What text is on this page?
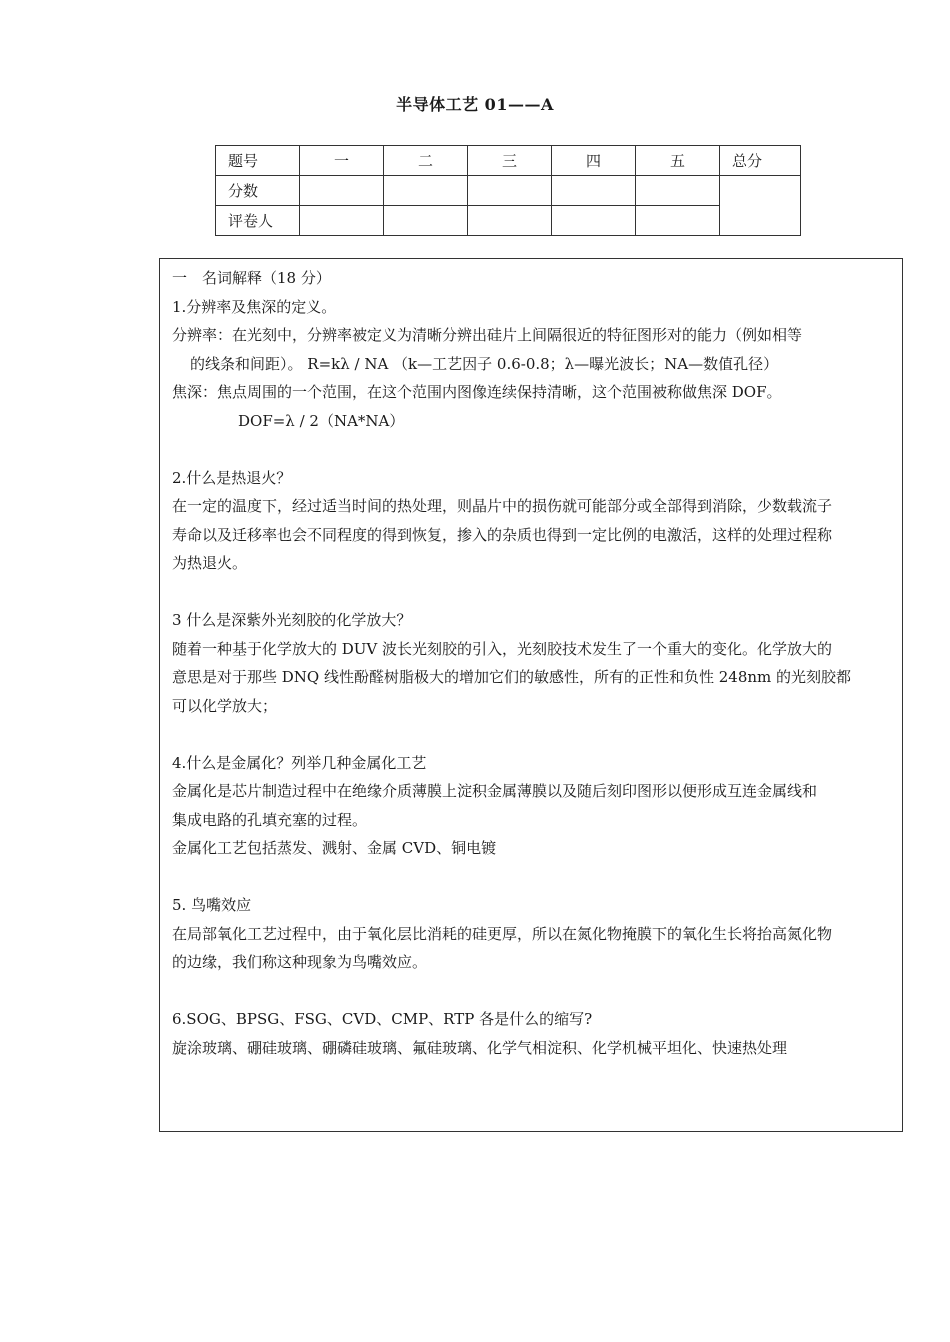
半导体工艺 01——A
题号	一	二	三	四	五	总分
分数						
评卷人						

一　名词解释（18 分）

1.分辨率及焦深的定义。

分辨率：在光刻中，分辨率被定义为清晰分辨出硅片上间隔很近的特征图形对的能力（例如相等

的线条和间距）。 R=kλ / NA （k—工艺因子 0.6-0.8；λ—曝光波长；NA—数值孔径）

焦深：焦点周围的一个范围，在这个范围内图像连续保持清晰，这个范围被称做焦深 DOF。

DOF=λ / 2（NA*NA）

2.什么是热退火？

在一定的温度下，经过适当时间的热处理，则晶片中的损伤就可能部分或全部得到消除，少数载流子

寿命以及迁移率也会不同程度的得到恢复，掺入的杂质也得到一定比例的电激活，这样的处理过程称

为热退火。

3 什么是深紫外光刻胶的化学放大？

随着一种基于化学放大的 DUV 波长光刻胶的引入，光刻胶技术发生了一个重大的变化。化学放大的

意思是对于那些 DNQ 线性酚醛树脂极大的增加它们的敏感性，所有的正性和负性 248nm 的光刻胶都

可以化学放大；

4.什么是金属化？列举几种金属化工艺

金属化是芯片制造过程中在绝缘介质薄膜上淀积金属薄膜以及随后刻印图形以便形成互连金属线和

集成电路的孔填充塞的过程。

金属化工艺包括蒸发、溅射、金属 CVD、铜电镀

5. 鸟嘴效应

在局部氧化工艺过程中，由于氧化层比消耗的硅更厚，所以在氮化物掩膜下的氧化生长将抬高氮化物

的边缘，我们称这种现象为鸟嘴效应。

6.SOG、BPSG、FSG、CVD、CMP、RTP 各是什么的缩写?

旋涂玻璃、硼硅玻璃、硼磷硅玻璃、氟硅玻璃、化学气相淀积、化学机械平坦化、快速热处理
